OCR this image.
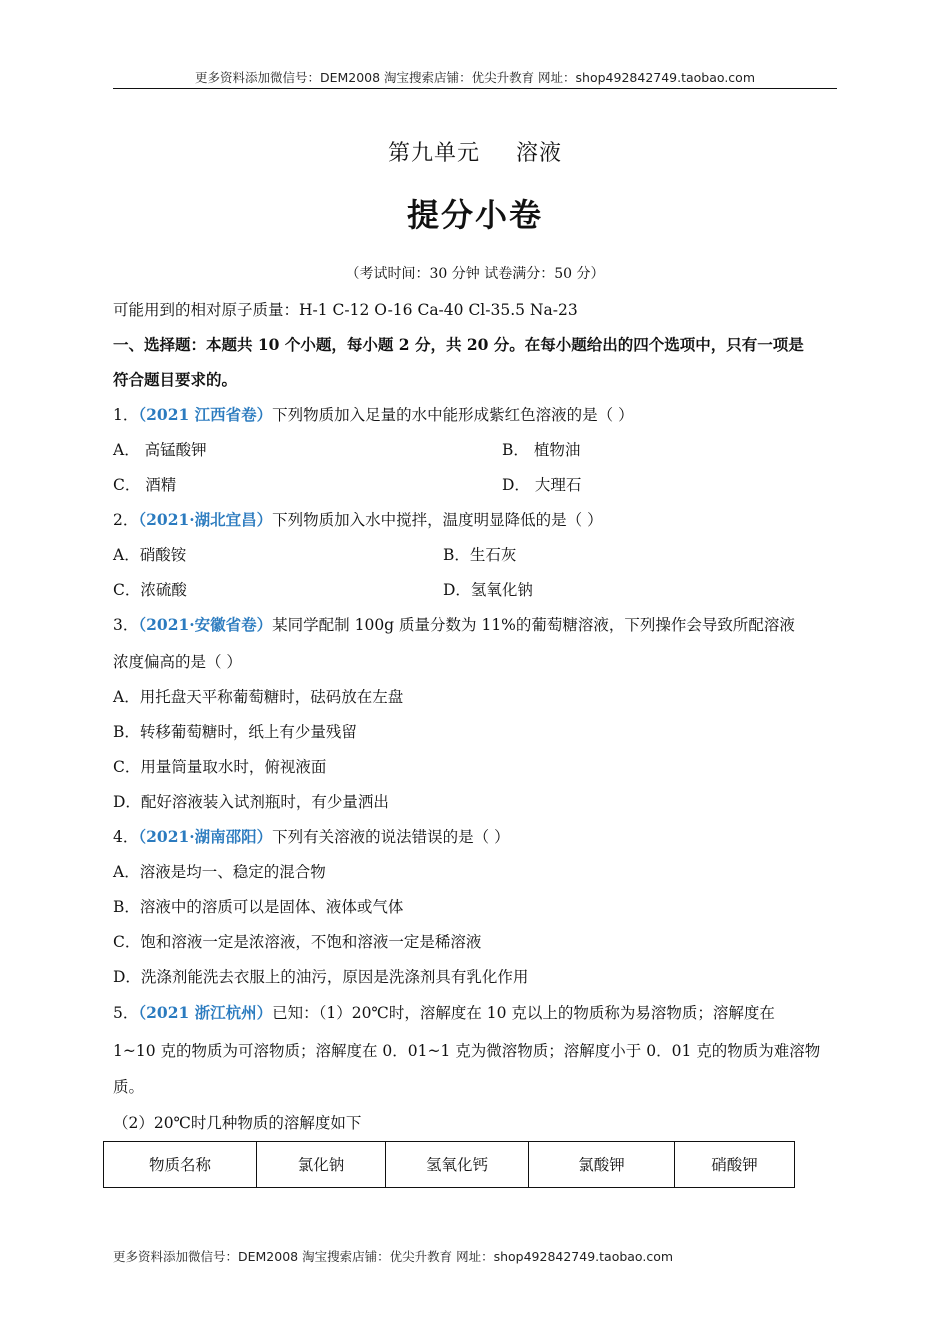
更多资料添加微信号：DEM2008 淘宝搜索店铺：优尖升教育 网址：shop492842749.taobao.com
第九单元 溶液
提分小卷
（考试时间：30 分钟 试卷满分：50 分）
可能用到的相对原子质量：H-1 C-12 O-16 Ca-40 Cl-35.5 Na-23
一、选择题：本题共 10 个小题，每小题 2 分，共 20 分。在每小题给出的四个选项中，只有一项是
符合题目要求的。
1．（2021 江西省卷）下列物质加入足量的水中能形成紫红色溶液的是（ ）
A． 高锰酸钾	B． 植物油
C． 酒精	D． 大理石
2．（2021·湖北宜昌）下列物质加入水中搅拌，温度明显降低的是（ ）
A．硝酸铵	B．生石灰
C．浓硫酸	D．氢氧化钠
3．（2021·安徽省卷）某同学配制 100g 质量分数为 11%的葡萄糖溶液，下列操作会导致所配溶液
浓度偏高的是（ ）
A．用托盘天平称葡萄糖时，砝码放在左盘
B．转移葡萄糖时，纸上有少量残留
C．用量筒量取水时，俯视液面
D．配好溶液装入试剂瓶时，有少量洒出
4．（2021·湖南邵阳）下列有关溶液的说法错误的是（ ）
A．溶液是均一、稳定的混合物
B．溶液中的溶质可以是固体、液体或气体
C．饱和溶液一定是浓溶液，不饱和溶液一定是稀溶液
D．洗涤剂能洗去衣服上的油污，原因是洗涤剂具有乳化作用
5．（2021 浙江杭州）已知：（1）20℃时，溶解度在 10 克以上的物质称为易溶物质；溶解度在
1~10 克的物质为可溶物质；溶解度在 0．01~1 克为微溶物质；溶解度小于 0．01 克的物质为难溶物
质。
（2）20℃时几种物质的溶解度如下
物质名称	氯化钠	氢氧化钙	氯酸钾	硝酸钾
更多资料添加微信号：DEM2008 淘宝搜索店铺：优尖升教育 网址：shop492842749.taobao.com
